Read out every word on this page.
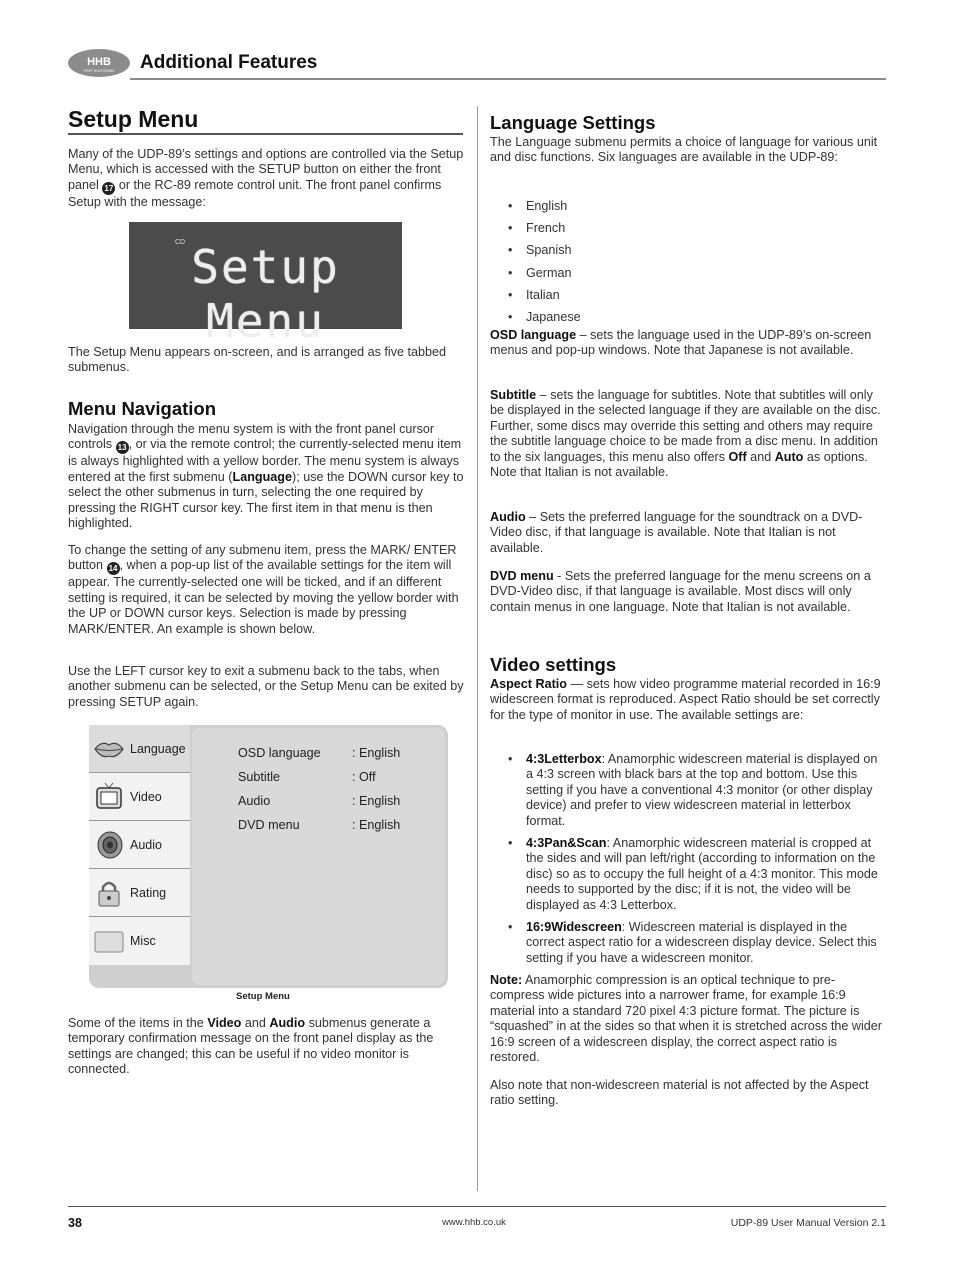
HHB
FIRST IN LISTENING Additional Features

Setup Menu

Many of the UDP-89’s settings and options are controlled via the Setup Menu, which is accessed with the SETUP button on either the front panel 17 or the RC-89 remote control unit. The front panel confirms Setup with the message:

CD Setup Menu

The Setup Menu appears on-screen, and is arranged as five tabbed submenus.

Menu Navigation

Navigation through the menu system is with the front panel cursor controls 13 , or via the remote control; the currently-selected menu item is always highlighted with a yellow border. The menu system is always entered at the first submenu (Language); use the DOWN cursor key to select the other submenus in turn, selecting the one required by pressing the RIGHT cursor key. The first item in that menu is then highlighted.

To change the setting of any submenu item, press the MARK/ ENTER button 14 , when a pop-up list of the available settings for the item will appear. The currently-selected one will be ticked, and if an different setting is required, it can be selected by moving the yellow border with the UP or DOWN cursor keys. Selection is made by pressing MARK/ENTER. An example is shown below.

Use the LEFT cursor key to exit a submenu back to the tabs, when another submenu can be selected, or the Setup Menu can be exited by pressing SETUP again.

Language
Video
Audio
Rating
Misc
OSD language : English
Subtitle	: Off
Audio	: English
DVD menu	: English
Setup Menu

Some of the items in the Video and Audio submenus generate a temporary confirmation message on the front panel display as the settings are changed; this can be useful if no video monitor is connected.

Language Settings

The Language submenu permits a choice of language for various unit and disc functions. Six languages are available in the UDP-89:

• English
• French
• Spanish
• German
• Italian
• Japanese

OSD language – sets the language used in the UDP-89’s on-screen menus and pop-up windows. Note that Japanese is not available.

Subtitle – sets the language for subtitles. Note that subtitles will only be displayed in the selected language if they are available on the disc. Further, some discs may override this setting and others may require the subtitle language choice to be made from a disc menu. In addition to the six languages, this menu also offers Off and Auto as options. Note that Italian is not available.

Audio – Sets the preferred language for the soundtrack on a DVD-Video disc, if that language is available. Note that Italian is not available.

DVD menu - Sets the preferred language for the menu screens on a DVD-Video disc, if that language is available. Most discs will only contain menus in one language. Note that Italian is not available.

Video settings

Aspect Ratio — sets how video programme material recorded in 16:9 widescreen format is reproduced. Aspect Ratio should be set correctly for the type of monitor in use. The available settings are:

• 4:3Letterbox: Anamorphic widescreen material is displayed on a 4:3 screen with black bars at the top and bottom. Use this setting if you have a conventional 4:3 monitor (or other display device) and prefer to view widescreen material in letterbox format.
• 4:3Pan&Scan: Anamorphic widescreen material is cropped at the sides and will pan left/right (according to information on the disc) so as to occupy the full height of a 4:3 monitor. This mode needs to supported by the disc; if it is not, the video will be displayed as 4:3 Letterbox.
• 16:9Widescreen: Widescreen material is displayed in the correct aspect ratio for a widescreen display device. Select this setting if you have a widescreen monitor.

Note: Anamorphic compression is an optical technique to pre-compress wide pictures into a narrower frame, for example 16:9 material into a standard 720 pixel 4:3 picture format. The picture is “squashed” in at the sides so that when it is stretched across the wider 16:9 screen of a widescreen display, the correct aspect ratio is restored.

Also note that non-widescreen material is not affected by the Aspect ratio setting.

38	www.hhb.co.uk	UDP-89 User Manual Version 2.1
